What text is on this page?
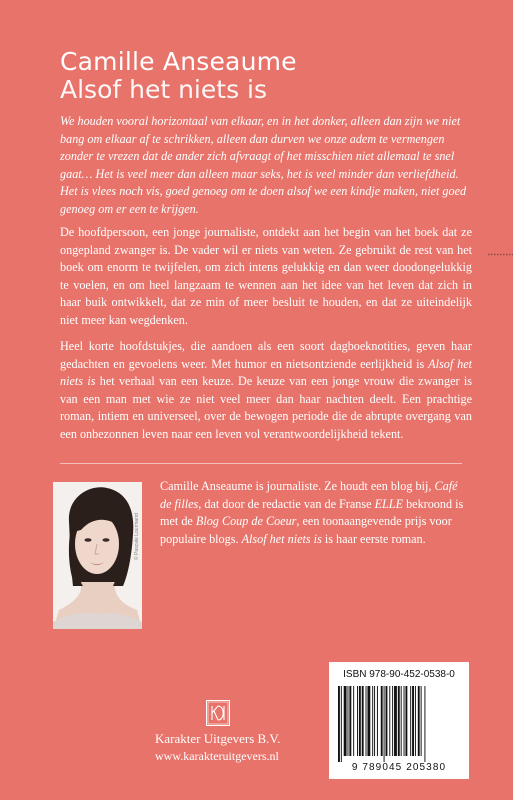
Camille Anseaume
Alsof het niets is
We houden vooral horizontaal van elkaar, en in het donker, alleen dan zijn we niet bang om elkaar af te schrikken, alleen dan durven we onze adem te vermengen zonder te vrezen dat de ander zich afvraagt of het misschien niet allemaal te snel gaat… Het is veel meer dan alleen maar seks, het is veel minder dan verliefdheid. Het is vlees noch vis, goed genoeg om te doen alsof we een kindje maken, niet goed genoeg om er een te krijgen.
De hoofdpersoon, een jonge journaliste, ontdekt aan het begin van het boek dat ze ongepland zwanger is. De vader wil er niets van weten. Ze gebruikt de rest van het boek om enorm te twijfelen, om zich intens gelukkig en dan weer doodongelukkig te voelen, en om heel langzaam te wennen aan het idee van het leven dat zich in haar buik ontwikkelt, dat ze min of meer besluit te houden, en dat ze uiteindelijk niet meer kan wegdenken.
Heel korte hoofdstukjes, die aandoen als een soort dagboeknotities, geven haar gedachten en gevoelens weer. Met humor en nietsontziende eerlijkheid is Alsof het niets is het verhaal van een keuze. De keuze van een jonge vrouw die zwanger is van een man met wie ze niet veel meer dan haar nachten deelt. Een prachtige roman, intiem en universeel, over de bewogen periode die de abrupte overgang van een onbezonnen leven naar een leven vol verantwoordelijkheid tekent.
© Pascale Lourmand
Camille Anseaume is journaliste. Ze houdt een blog bij, Café de filles, dat door de redactie van de Franse ELLE bekroond is met de Blog Coup de Coeur, een toonaangevende prijs voor populaire blogs. Alsof het niets is is haar eerste roman.
Karakter Uitgevers B.V.
www.karakteruitgevers.nl
ISBN 978-90-452-0538-0
9 789045 205380
